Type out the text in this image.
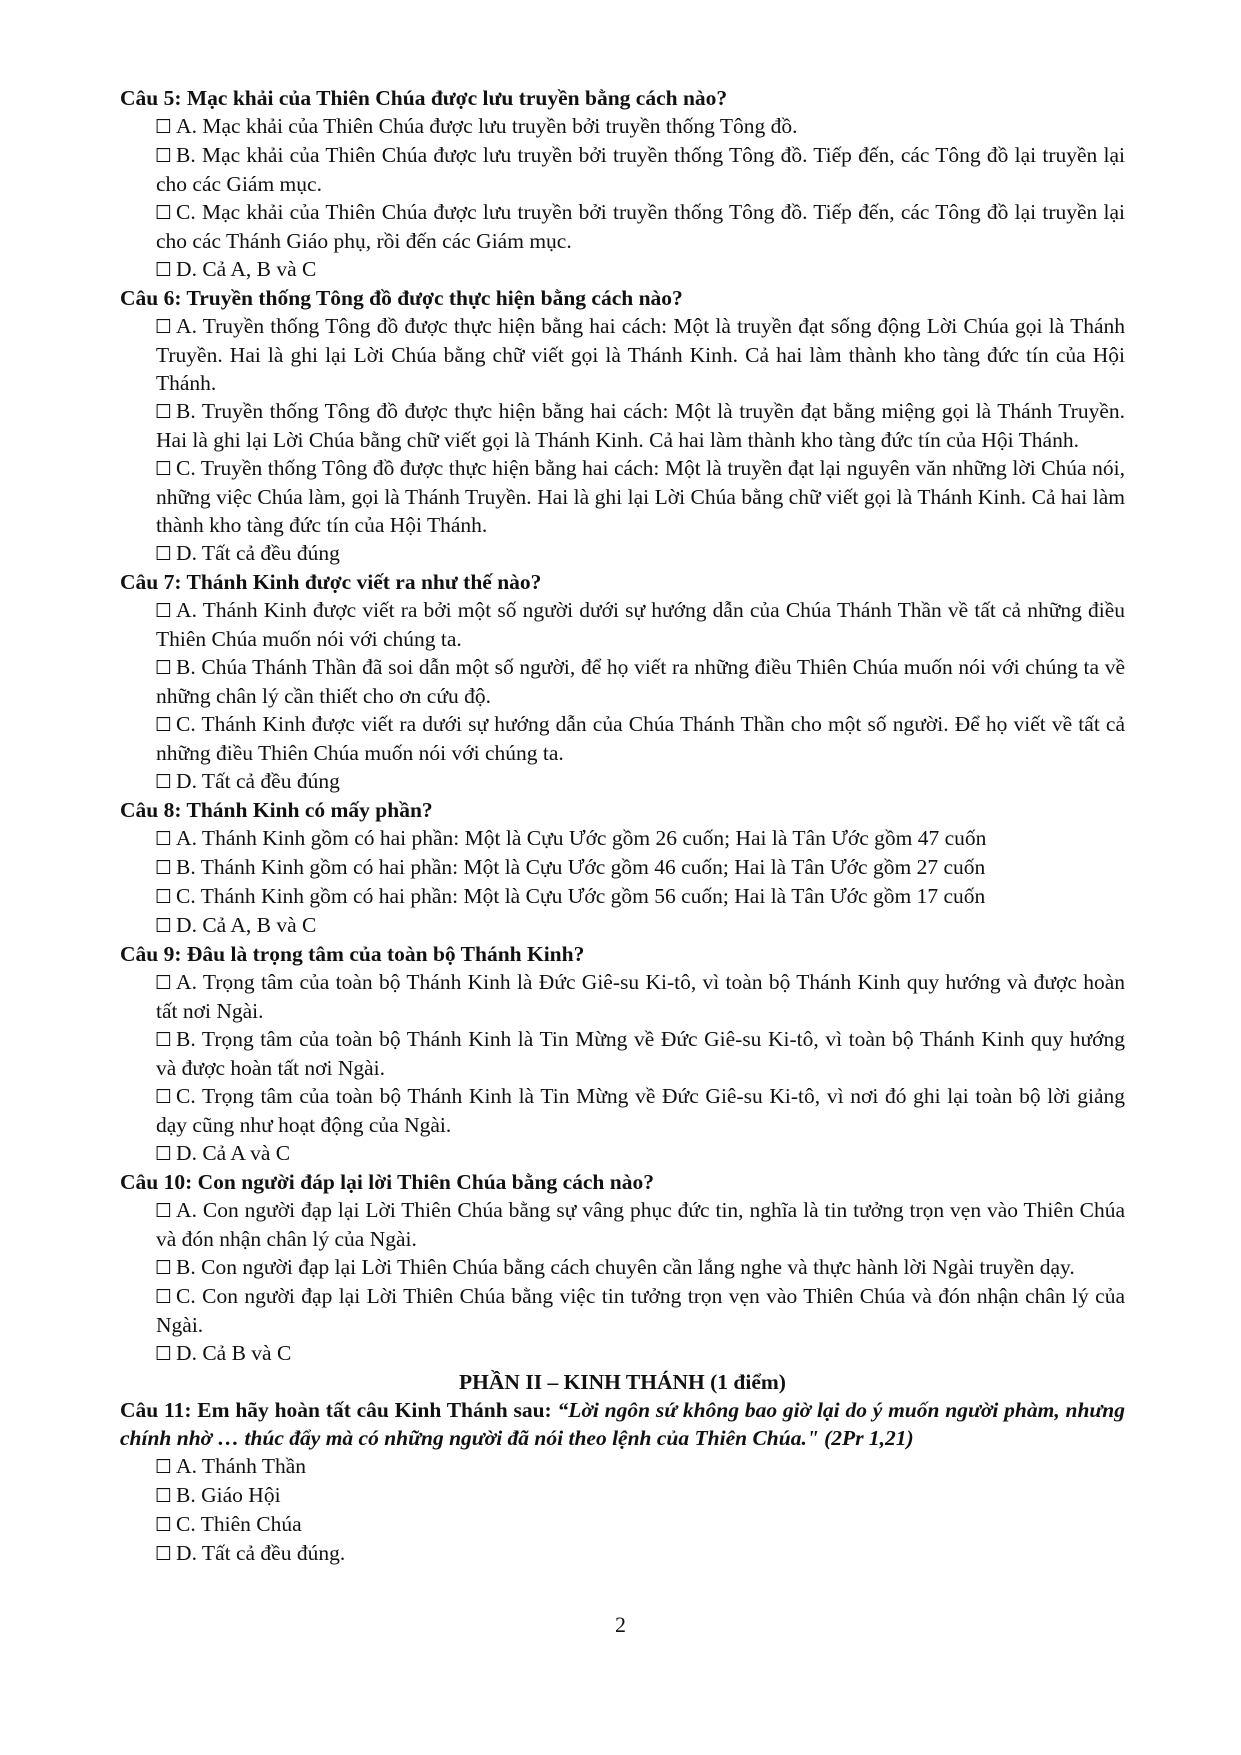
Câu 5: Mạc khải của Thiên Chúa được lưu truyền bằng cách nào?

☐ A. Mạc khải của Thiên Chúa được lưu truyền bởi truyền thống Tông đồ.

☐ B. Mạc khải của Thiên Chúa được lưu truyền bởi truyền thống Tông đồ. Tiếp đến, các Tông đồ lại truyền lại cho các Giám mục.

☐ C. Mạc khải của Thiên Chúa được lưu truyền bởi truyền thống Tông đồ. Tiếp đến, các Tông đồ lại truyền lại cho các Thánh Giáo phụ, rồi đến các Giám mục.

☐ D. Cả A, B và C

Câu 6: Truyền thống Tông đồ được thực hiện bằng cách nào?

☐ A. Truyền thống Tông đồ được thực hiện bằng hai cách: Một là truyền đạt sống động Lời Chúa gọi là Thánh Truyền. Hai là ghi lại Lời Chúa bằng chữ viết gọi là Thánh Kinh. Cả hai làm thành kho tàng đức tín của Hội Thánh.

☐ B. Truyền thống Tông đồ được thực hiện bằng hai cách: Một là truyền đạt bằng miệng gọi là Thánh Truyền. Hai là ghi lại Lời Chúa bằng chữ viết gọi là Thánh Kinh. Cả hai làm thành kho tàng đức tín của Hội Thánh.

☐ C. Truyền thống Tông đồ được thực hiện bằng hai cách: Một là truyền đạt lại nguyên văn những lời Chúa nói, những việc Chúa làm, gọi là Thánh Truyền. Hai là ghi lại Lời Chúa bằng chữ viết gọi là Thánh Kinh. Cả hai làm thành kho tàng đức tín của Hội Thánh.

☐ D. Tất cả đều đúng

Câu 7: Thánh Kinh được viết ra như thế nào?

☐ A. Thánh Kinh được viết ra bởi một số người dưới sự hướng dẫn của Chúa Thánh Thần về tất cả những điều Thiên Chúa muốn nói với chúng ta.

☐ B. Chúa Thánh Thần đã soi dẫn một số người, để họ viết ra những điều Thiên Chúa muốn nói với chúng ta về những chân lý cần thiết cho ơn cứu độ.

☐ C. Thánh Kinh được viết ra dưới sự hướng dẫn của Chúa Thánh Thần cho một số người. Để họ viết về tất cả những điều Thiên Chúa muốn nói với chúng ta.

☐ D. Tất cả đều đúng

Câu 8: Thánh Kinh có mấy phần?

☐ A. Thánh Kinh gồm có hai phần: Một là Cựu Ước gồm 26 cuốn; Hai là Tân Ước gồm 47 cuốn

☐ B. Thánh Kinh gồm có hai phần: Một là Cựu Ước gồm 46 cuốn; Hai là Tân Ước gồm 27 cuốn

☐ C. Thánh Kinh gồm có hai phần: Một là Cựu Ước gồm 56 cuốn; Hai là Tân Ước gồm 17 cuốn

☐ D. Cả A, B và C

Câu 9: Đâu là trọng tâm của toàn bộ Thánh Kinh?

☐ A. Trọng tâm của toàn bộ Thánh Kinh là Đức Giê-su Ki-tô, vì toàn bộ Thánh Kinh quy hướng và được hoàn tất nơi Ngài.

☐ B. Trọng tâm của toàn bộ Thánh Kinh là Tin Mừng về Đức Giê-su Ki-tô, vì toàn bộ Thánh Kinh quy hướng và được hoàn tất nơi Ngài.

☐ C. Trọng tâm của toàn bộ Thánh Kinh là Tin Mừng về Đức Giê-su Ki-tô, vì nơi đó ghi lại toàn bộ lời giảng dạy cũng như hoạt động của Ngài.

☐ D. Cả A và C

Câu 10: Con người đáp lại lời Thiên Chúa bằng cách nào?

☐ A. Con người đạp lại Lời Thiên Chúa bằng sự vâng phục đức tin, nghĩa là tin tưởng trọn vẹn vào Thiên Chúa và đón nhận chân lý của Ngài.

☐ B. Con người đạp lại Lời Thiên Chúa bằng cách chuyên cần lắng nghe và thực hành lời Ngài truyền dạy.

☐ C. Con người đạp lại Lời Thiên Chúa bằng việc tin tưởng trọn vẹn vào Thiên Chúa và đón nhận chân lý của Ngài.

☐ D. Cả B và C

PHẦN II – KINH THÁNH (1 điểm)

Câu 11: Em hãy hoàn tất câu Kinh Thánh sau: “Lời ngôn sứ không bao giờ lại do ý muốn người phàm, nhưng chính nhờ … thúc đẩy mà có những người đã nói theo lệnh của Thiên Chúa." (2Pr 1,21)

☐ A. Thánh Thần

☐ B. Giáo Hội

☐ C. Thiên Chúa

☐ D. Tất cả đều đúng.

2
